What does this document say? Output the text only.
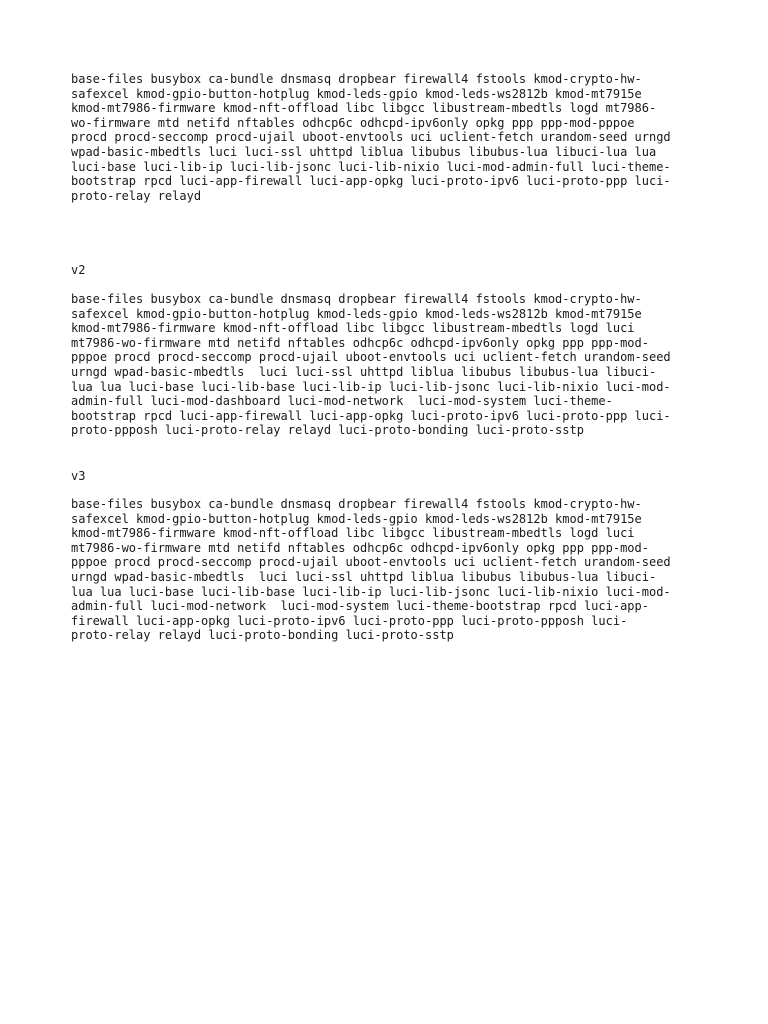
base-files busybox ca-bundle dnsmasq dropbear firewall4 fstools kmod-crypto-hw-
safexcel kmod-gpio-button-hotplug kmod-leds-gpio kmod-leds-ws2812b kmod-mt7915e
kmod-mt7986-firmware kmod-nft-offload libc libgcc libustream-mbedtls logd mt7986-
wo-firmware mtd netifd nftables odhcp6c odhcpd-ipv6only opkg ppp ppp-mod-pppoe
procd procd-seccomp procd-ujail uboot-envtools uci uclient-fetch urandom-seed urngd
wpad-basic-mbedtls luci luci-ssl uhttpd liblua libubus libubus-lua libuci-lua lua
luci-base luci-lib-ip luci-lib-jsonc luci-lib-nixio luci-mod-admin-full luci-theme-
bootstrap rpcd luci-app-firewall luci-app-opkg luci-proto-ipv6 luci-proto-ppp luci-
proto-relay relayd
v2
base-files busybox ca-bundle dnsmasq dropbear firewall4 fstools kmod-crypto-hw-
safexcel kmod-gpio-button-hotplug kmod-leds-gpio kmod-leds-ws2812b kmod-mt7915e
kmod-mt7986-firmware kmod-nft-offload libc libgcc libustream-mbedtls logd luci
mt7986-wo-firmware mtd netifd nftables odhcp6c odhcpd-ipv6only opkg ppp ppp-mod-
pppoe procd procd-seccomp procd-ujail uboot-envtools uci uclient-fetch urandom-seed
urngd wpad-basic-mbedtls  luci luci-ssl uhttpd liblua libubus libubus-lua libuci-
lua lua luci-base luci-lib-base luci-lib-ip luci-lib-jsonc luci-lib-nixio luci-mod-
admin-full luci-mod-dashboard luci-mod-network  luci-mod-system luci-theme-
bootstrap rpcd luci-app-firewall luci-app-opkg luci-proto-ipv6 luci-proto-ppp luci-
proto-ppposh luci-proto-relay relayd luci-proto-bonding luci-proto-sstp
v3
base-files busybox ca-bundle dnsmasq dropbear firewall4 fstools kmod-crypto-hw-
safexcel kmod-gpio-button-hotplug kmod-leds-gpio kmod-leds-ws2812b kmod-mt7915e
kmod-mt7986-firmware kmod-nft-offload libc libgcc libustream-mbedtls logd luci
mt7986-wo-firmware mtd netifd nftables odhcp6c odhcpd-ipv6only opkg ppp ppp-mod-
pppoe procd procd-seccomp procd-ujail uboot-envtools uci uclient-fetch urandom-seed
urngd wpad-basic-mbedtls  luci luci-ssl uhttpd liblua libubus libubus-lua libuci-
lua lua luci-base luci-lib-base luci-lib-ip luci-lib-jsonc luci-lib-nixio luci-mod-
admin-full luci-mod-network  luci-mod-system luci-theme-bootstrap rpcd luci-app-
firewall luci-app-opkg luci-proto-ipv6 luci-proto-ppp luci-proto-ppposh luci-
proto-relay relayd luci-proto-bonding luci-proto-sstp
